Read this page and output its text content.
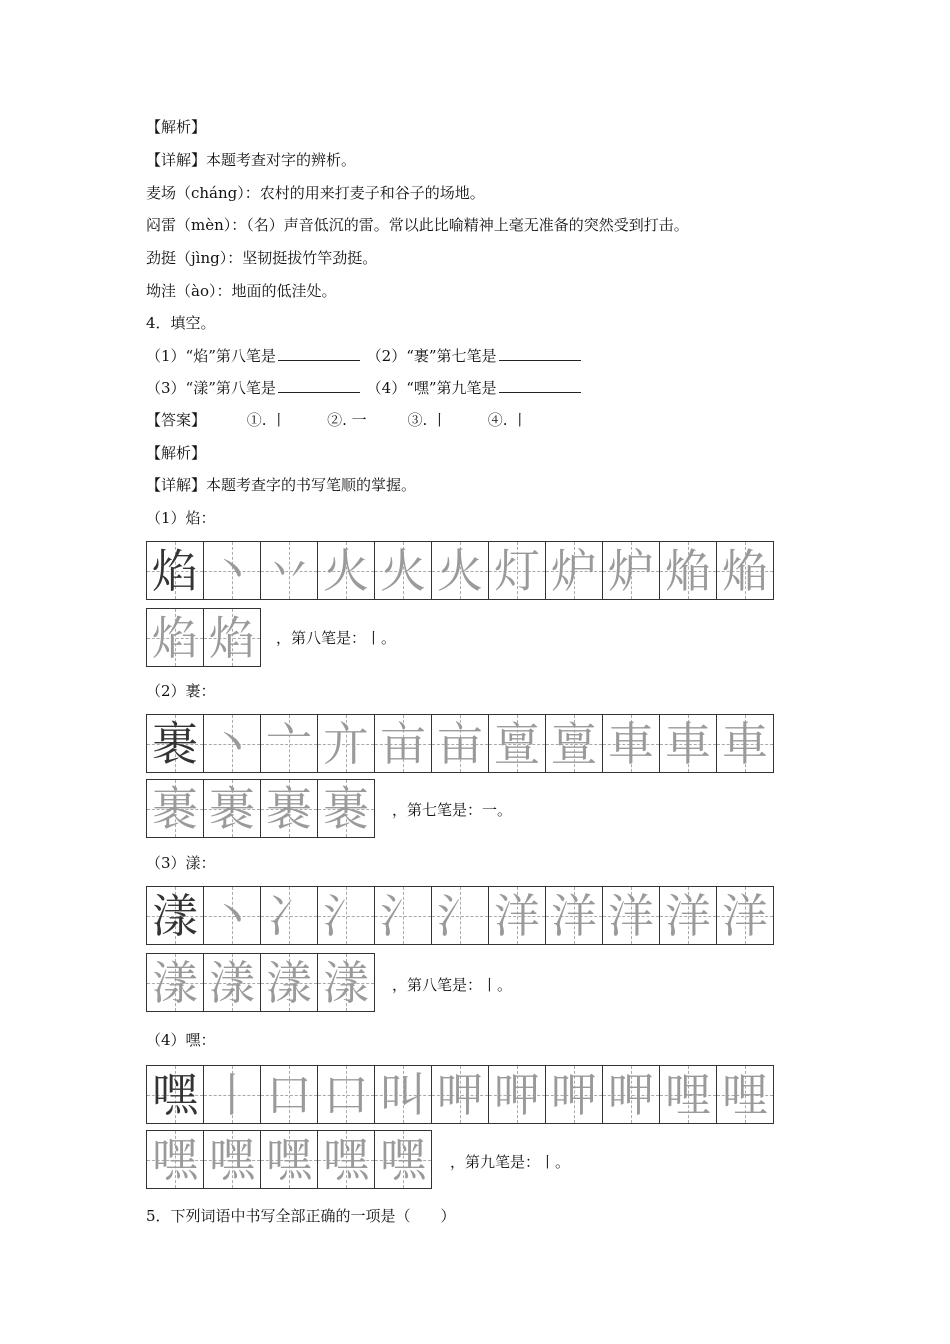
【解析】
【详解】本题考查对字的辨析。
麦场（cháng）：农村的用来打麦子和谷子的场地。
闷雷（mèn）：（名）声音低沉的雷。常以此比喻精神上毫无准备的突然受到打击。
劲挺（jìng）：坚韧挺拔竹竿劲挺。
坳洼（ào）：地面的低洼处。
4．填空。
（1）“焰”第八笔是	（2）“裹”第七笔是
（3）“漾”第八笔是	（4）“嘿”第九笔是
【答案】	①. 丨	②. 一	③. 丨	④. 丨
【解析】
【详解】本题考查字的书写笔顺的掌握。
（1）焰：
焰 丶 丷 火 火 火 灯 炉 炉 焔 焔
焰 焰 ，第八笔是：丨。
（2）裹：
裹 丶 亠 亣 亩 亩 亶 亶 車 車 車
裹 裹 裹 裹 ，第七笔是：一。
（3）漾：
漾 丶 冫 氵 氵 氵 洋 洋 洋 洋 洋
漾 漾 漾 漾 ，第八笔是：丨。
（4）嘿：
嘿 丨 口 口 叫 呷 呷 呷 呷 哩 哩
嘿 嘿 嘿 嘿 嘿 ，第九笔是：丨。
5．下列词语中书写全部正确的一项是（　　）
